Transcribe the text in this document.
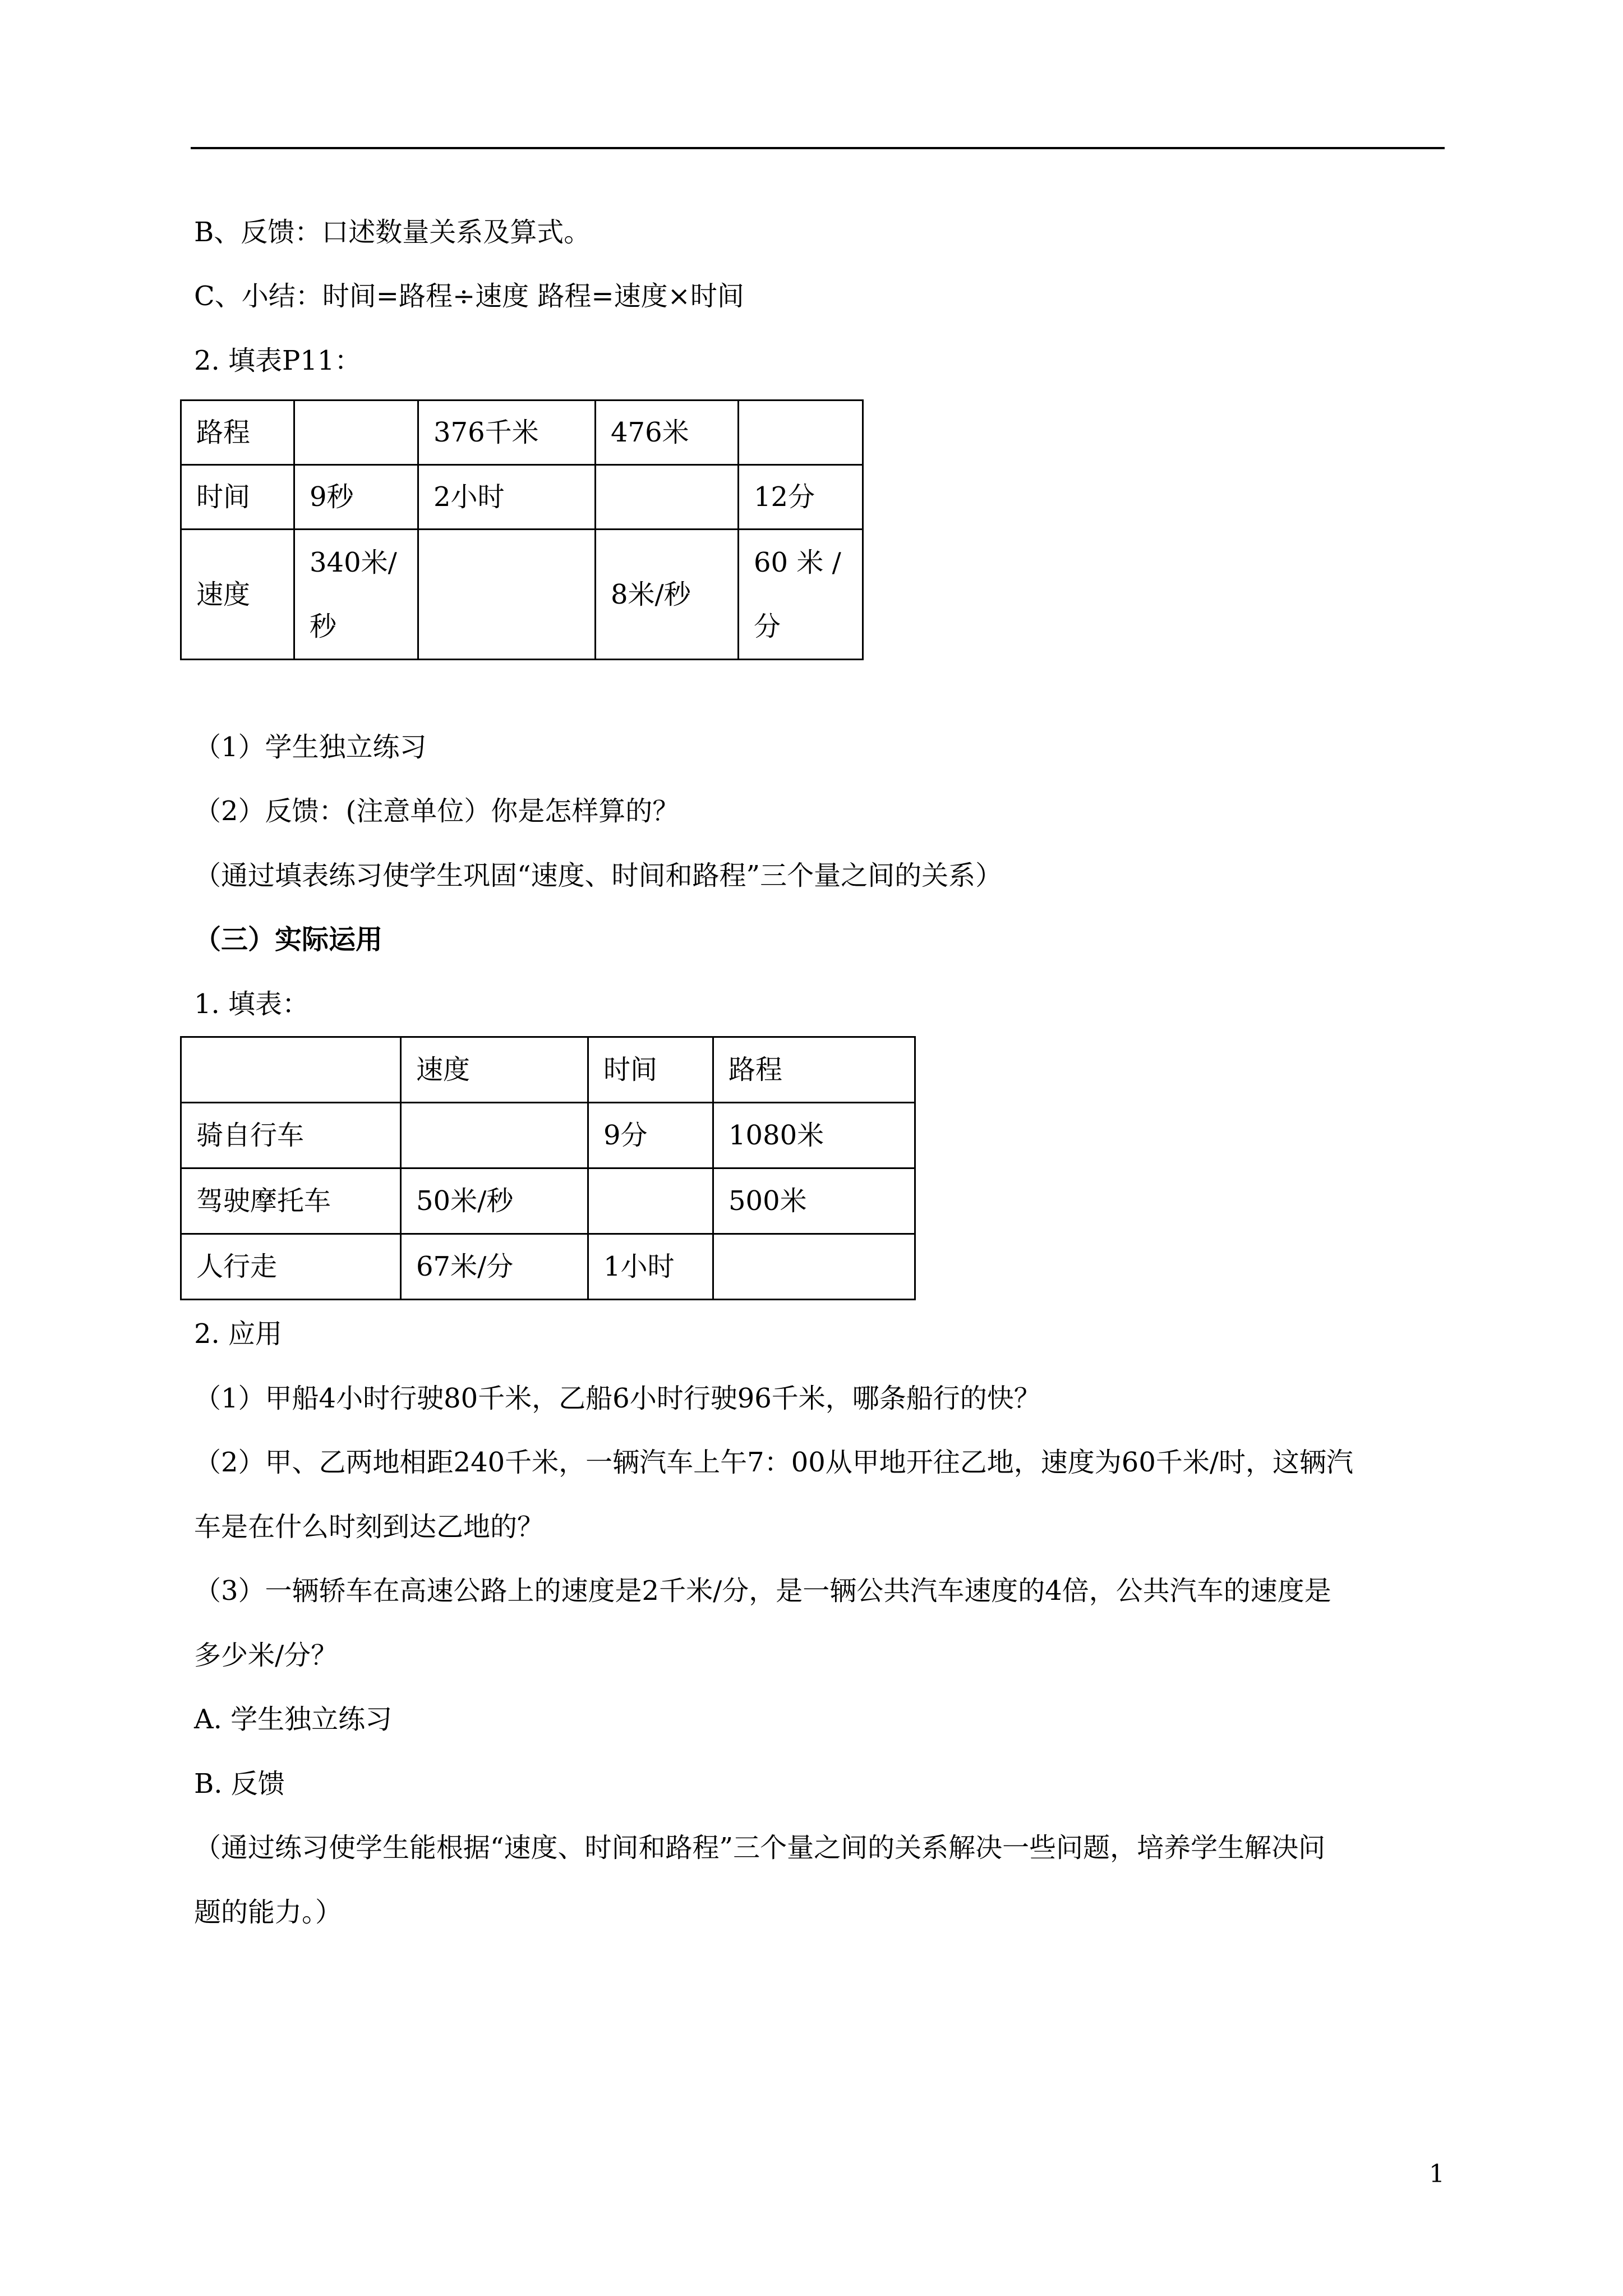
B、反馈：口述数量关系及算式。
C、小结：时间=路程÷速度 路程=速度×时间
2. 填表P11：
路程		376千米	476米	
时间	9秒	2小时		12分
速度	340米/秒		8米/秒	60 米 / 分
（1）学生独立练习
（2）反馈：(注意单位）你是怎样算的？
（通过填表练习使学生巩固“速度、时间和路程”三个量之间的关系）
（三）实际运用
1. 填表：
	速度	时间	路程
骑自行车		9分	1080米
驾驶摩托车	50米/秒		500米
人行走	67米/分	1小时	
2. 应用
（1）甲船4小时行驶80千米，乙船6小时行驶96千米，哪条船行的快？
（2）甲、乙两地相距240千米，一辆汽车上午7：00从甲地开往乙地，速度为60千米/时，这辆汽
车是在什么时刻到达乙地的？
（3）一辆轿车在高速公路上的速度是2千米/分，是一辆公共汽车速度的4倍，公共汽车的速度是
多少米/分？
A. 学生独立练习
B. 反馈
（通过练习使学生能根据“速度、时间和路程”三个量之间的关系解决一些问题，培养学生解决问
题的能力。）
1
